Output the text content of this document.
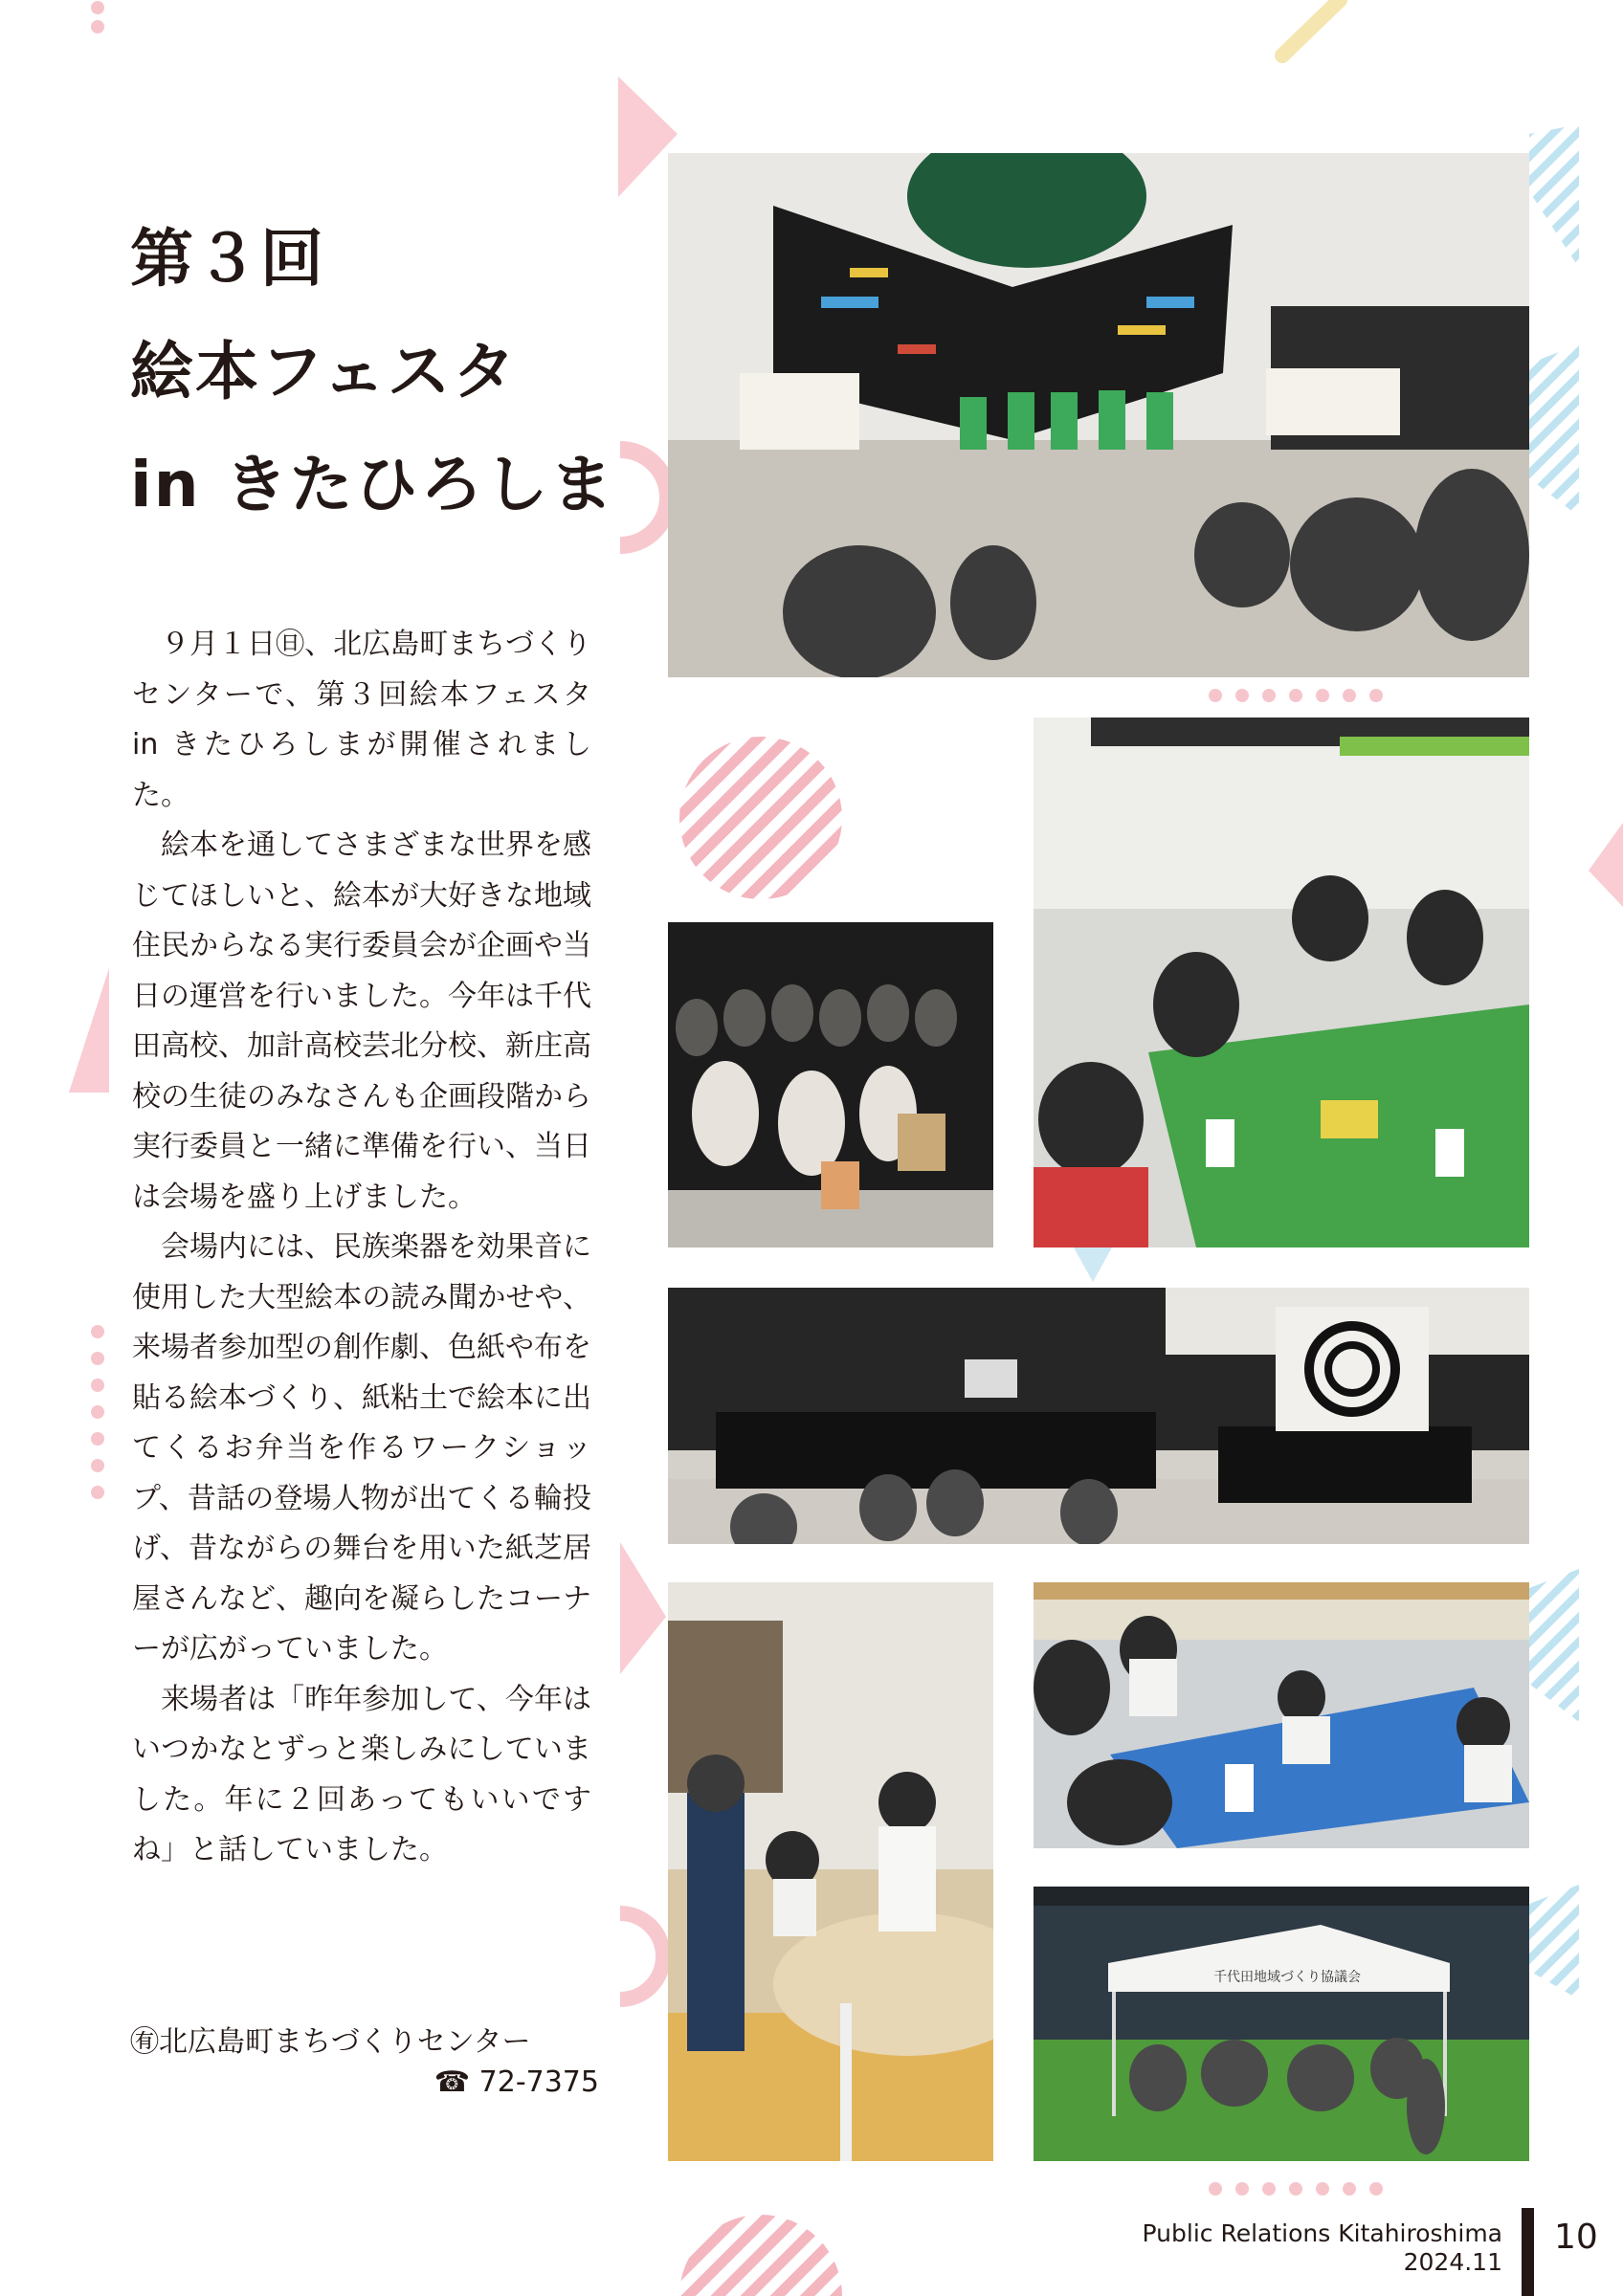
第３回
絵本フェスタ
in きたひろしま

９月１日㊐、北広島町まちづくりセンターで、第３回絵本フェスタ in きたひろしまが開催されました。

絵本を通してさまざまな世界を感じてほしいと、絵本が大好きな地域住民からなる実行委員会が企画や当日の運営を行いました。今年は千代田高校、加計高校芸北分校、新庄高校の生徒のみなさんも企画段階から実行委員と一緒に準備を行い、当日は会場を盛り上げました。

会場内には、民族楽器を効果音に使用した大型絵本の読み聞かせや、来場者参加型の創作劇、色紙や布を貼る絵本づくり、紙粘土で絵本に出てくるお弁当を作るワークショップ、昔話の登場人物が出てくる輪投げ、昔ながらの舞台を用いた紙芝居屋さんなど、趣向を凝らしたコーナーが広がっていました。

来場者は「昨年参加して、今年はいつかなとずっと楽しみにしていました。年に２回あってもいいですね」と話していました。

㊒北広島町まちづくりセンター
☎ 72-7375
千代田地域づくり協議会
Public Relations Kitahiroshima
2024.11
10
